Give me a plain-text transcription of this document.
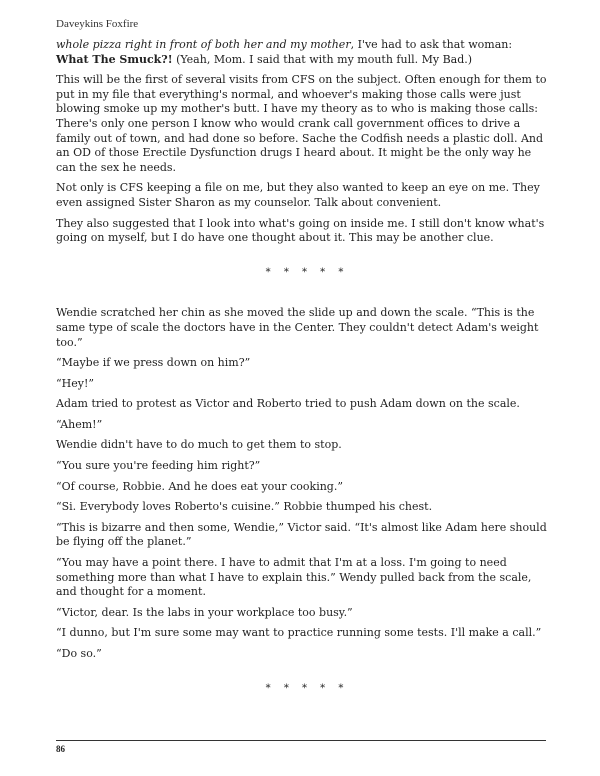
Daveykins Foxfire

whole pizza right in front of both her and my mother, I've had to ask that woman: What The Smuck?! (Yeah, Mom. I said that with my mouth full. My Bad.)

This will be the first of several visits from CFS on the subject. Often enough for them to put in my file that everything's normal, and whoever's making those calls were just blowing smoke up my mother's butt. I have my theory as to who is making those calls: There's only one person I know who would crank call government offices to drive a family out of town, and had done so before. Sache the Codfish needs a plastic doll. And an OD of those Erectile Dysfunction drugs I heard about. It might be the only way he can the sex he needs.

Not only is CFS keeping a file on me, but they also wanted to keep an eye on me. They even assigned Sister Sharon as my counselor. Talk about convenient.

They also suggested that I look into what's going on inside me. I still don't know what's going on myself, but I do have one thought about it. This may be another clue.

* * * * *

Wendie scratched her chin as she moved the slide up and down the scale. “This is the same type of scale the doctors have in the Center. They couldn't detect Adam's weight too.”

“Maybe if we press down on him?”

“Hey!”

Adam tried to protest as Victor and Roberto tried to push Adam down on the scale.

“Ahem!”

Wendie didn't have to do much to get them to stop.

“You sure you're feeding him right?”

“Of course, Robbie. And he does eat your cooking.”

“Si. Everybody loves Roberto's cuisine.” Robbie thumped his chest.

“This is bizarre and then some, Wendie,” Victor said. “It's almost like Adam here should be flying off the planet.”

“You may have a point there. I have to admit that I'm at a loss. I'm going to need something more than what I have to explain this.” Wendy pulled back from the scale, and thought for a moment.

“Victor, dear. Is the labs in your workplace too busy.”

“I dunno, but I'm sure some may want to practice running some tests. I'll make a call.”

“Do so.”

* * * * *
86
